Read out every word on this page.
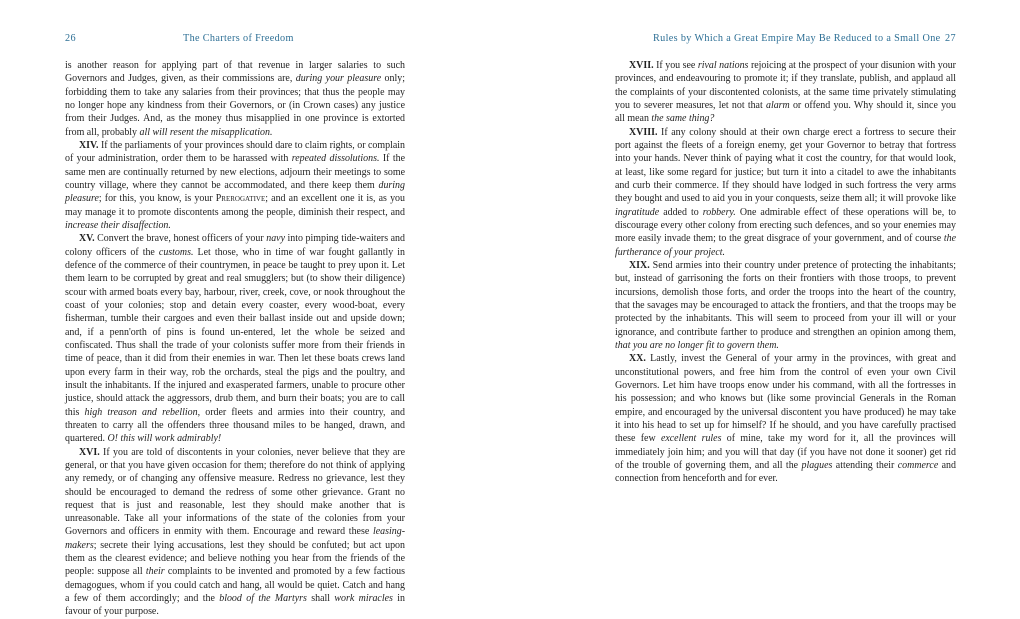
26	The Charters of Freedom

is another reason for applying part of that revenue in larger salaries to such Governors and Judges, given, as their commissions are, during your pleasure only; forbidding them to take any salaries from their provinces; that thus the people may no longer hope any kindness from their Governors, or (in Crown cases) any justice from their Judges. And, as the money thus misapplied in one province is extorted from all, probably all will resent the misapplication.

XIV. If the parliaments of your provinces should dare to claim rights, or complain of your administration, order them to be harassed with repeated dissolutions. If the same men are continually returned by new elections, adjourn their meetings to some country village, where they cannot be accommodated, and there keep them during pleasure; for this, you know, is your Prerogative; and an excellent one it is, as you may manage it to promote discontents among the people, diminish their respect, and increase their disaffection.

XV. Convert the brave, honest officers of your navy into pimping tide-waiters and colony officers of the customs. Let those, who in time of war fought gallantly in defence of the commerce of their countrymen, in peace be taught to prey upon it. Let them learn to be corrupted by great and real smugglers; but (to show their diligence) scour with armed boats every bay, harbour, river, creek, cove, or nook throughout the coast of your colonies; stop and detain every coaster, every wood-boat, every fisherman, tumble their cargoes and even their ballast inside out and upside down; and, if a penn'orth of pins is found un-entered, let the whole be seized and confiscated. Thus shall the trade of your colonists suffer more from their friends in time of peace, than it did from their enemies in war. Then let these boats crews land upon every farm in their way, rob the orchards, steal the pigs and the poultry, and insult the inhabitants. If the injured and exasperated farmers, unable to procure other justice, should attack the aggressors, drub them, and burn their boats; you are to call this high treason and rebellion, order fleets and armies into their country, and threaten to carry all the offenders three thousand miles to be hanged, drawn, and quartered. O! this will work admirably!

XVI. If you are told of discontents in your colonies, never believe that they are general, or that you have given occasion for them; therefore do not think of applying any remedy, or of changing any offensive measure. Redress no grievance, lest they should be encouraged to demand the redress of some other grievance. Grant no request that is just and reasonable, lest they should make another that is unreasonable. Take all your informations of the state of the colonies from your Governors and officers in enmity with them. Encourage and reward these leasing-makers; secrete their lying accusations, lest they should be confuted; but act upon them as the clearest evidence; and believe nothing you hear from the friends of the people: suppose all their complaints to be invented and promoted by a few factious demagogues, whom if you could catch and hang, all would be quiet. Catch and hang a few of them accordingly; and the blood of the Martyrs shall work miracles in favour of your purpose.

Rules by Which a Great Empire May Be Reduced to a Small One 27

XVII. If you see rival nations rejoicing at the prospect of your disunion with your provinces, and endeavouring to promote it; if they translate, publish, and applaud all the complaints of your discontented colonists, at the same time privately stimulating you to severer measures, let not that alarm or offend you. Why should it, since you all mean the same thing?

XVIII. If any colony should at their own charge erect a fortress to secure their port against the fleets of a foreign enemy, get your Governor to betray that fortress into your hands. Never think of paying what it cost the country, for that would look, at least, like some regard for justice; but turn it into a citadel to awe the inhabitants and curb their commerce. If they should have lodged in such fortress the very arms they bought and used to aid you in your conquests, seize them all; it will provoke like ingratitude added to robbery. One admirable effect of these operations will be, to discourage every other colony from erecting such defences, and so your enemies may more easily invade them; to the great disgrace of your government, and of course the furtherance of your project.

XIX. Send armies into their country under pretence of protecting the inhabitants; but, instead of garrisoning the forts on their frontiers with those troops, to prevent incursions, demolish those forts, and order the troops into the heart of the country, that the savages may be encouraged to attack the frontiers, and that the troops may be protected by the inhabitants. This will seem to proceed from your ill will or your ignorance, and contribute farther to produce and strengthen an opinion among them, that you are no longer fit to govern them.

XX. Lastly, invest the General of your army in the provinces, with great and unconstitutional powers, and free him from the control of even your own Civil Governors. Let him have troops enow under his command, with all the fortresses in his possession; and who knows but (like some provincial Generals in the Roman empire, and encouraged by the universal discontent you have produced) he may take it into his head to set up for himself? If he should, and you have carefully practised these few excellent rules of mine, take my word for it, all the provinces will immediately join him; and you will that day (if you have not done it sooner) get rid of the trouble of governing them, and all the plagues attending their commerce and connection from henceforth and for ever.
